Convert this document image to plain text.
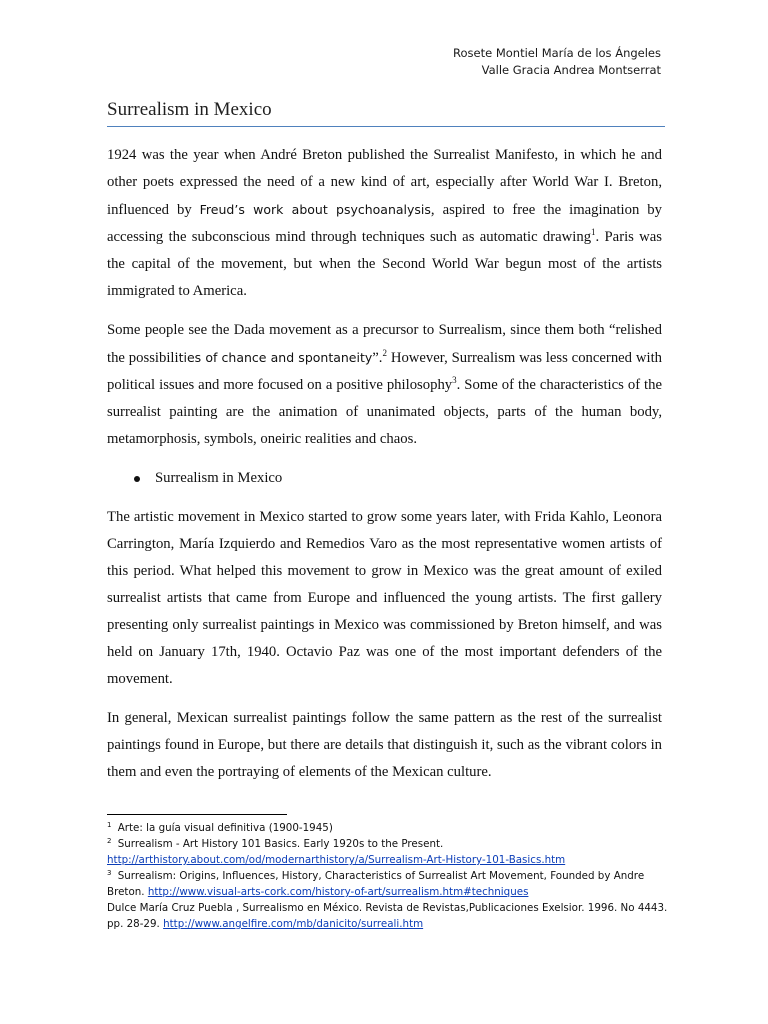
Rosete Montiel María de los Ángeles
Valle Gracia Andrea Montserrat
Surrealism in Mexico

1924 was the year when André Breton published the Surrealist Manifesto, in which he and other poets expressed the need of a new kind of art, especially after World War I. Breton, influenced by Freud’s work about psychoanalysis, aspired to free the imagination by accessing the subconscious mind through techniques such as automatic drawing$^1$. Paris was the capital of the movement, but when the Second World War begun most of the artists immigrated to America.

Some people see the Dada movement as a precursor to Surrealism, since them both “relished the possibilities of chance and spontaneity”.$^2$ However, Surrealism was less concerned with political issues and more focused on a positive philosophy$^3$. Some of the characteristics of the surrealist painting are the animation of unanimated objects, parts of the human body, metamorphosis, symbols, oneiric realities and chaos.

Surrealism in Mexico

The artistic movement in Mexico started to grow some years later, with Frida Kahlo, Leonora Carrington, María Izquierdo and Remedios Varo as the most representative women artists of this period. What helped this movement to grow in Mexico was the great amount of exiled surrealist artists that came from Europe and influenced the young artists. The first gallery presenting only surrealist paintings in Mexico was commissioned by Breton himself, and was held on January 17th, 1940. Octavio Paz was one of the most important defenders of the movement.

In general, Mexican surrealist paintings follow the same pattern as the rest of the surrealist paintings found in Europe, but there are details that distinguish it, such as the vibrant colors in them and even the portraying of elements of the Mexican culture.

$^1$ Arte: la guía visual definitiva (1900-1945)
$^2$ Surrealism - Art History 101 Basics. Early 1920s to the Present.
http://arthistory.about.com/od/modernarthistory/a/Surrealism-Art-History-101-Basics.htm
$^3$ Surrealism: Origins, Influences, History, Characteristics of Surrealist Art Movement, Founded by Andre
Breton. http://www.visual-arts-cork.com/history-of-art/surrealism.htm#techniques
Dulce María Cruz Puebla , Surrealismo en México. Revista de Revistas,Publicaciones Exelsior. 1996. No 4443.
pp. 28-29. http://www.angelfire.com/mb/danicito/surreali.htm
